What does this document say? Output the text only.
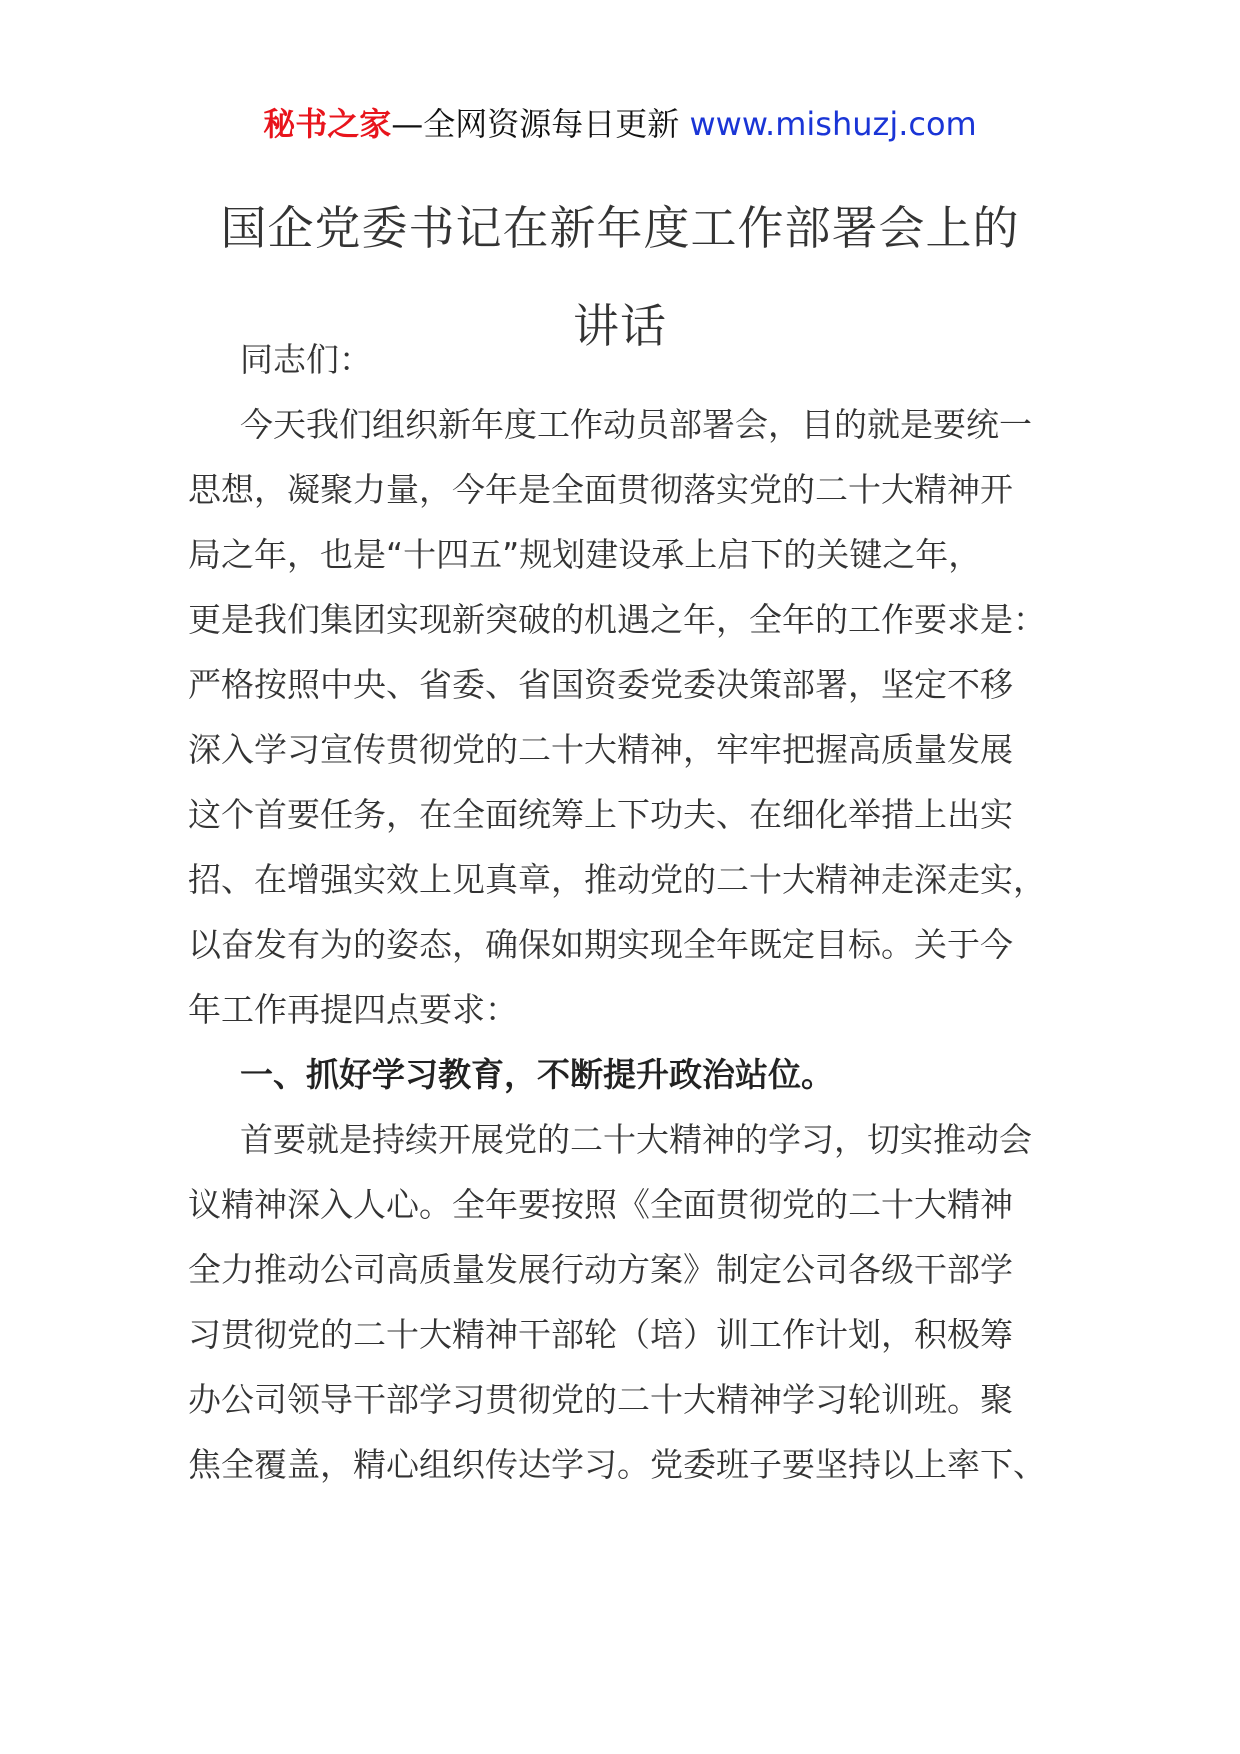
秘书之家—全网资源每日更新 www.mishuzj.com
国企党委书记在新年度工作部署会上的
讲话
同志们：
今天我们组织新年度工作动员部署会，目的就是要统一
思想，凝聚力量，今年是全面贯彻落实党的二十大精神开
局之年，也是“十四五”规划建设承上启下的关键之年，
更是我们集团实现新突破的机遇之年，全年的工作要求是：
严格按照中央、省委、省国资委党委决策部署，坚定不移
深入学习宣传贯彻党的二十大精神，牢牢把握高质量发展
这个首要任务，在全面统筹上下功夫、在细化举措上出实
招、在增强实效上见真章，推动党的二十大精神走深走实，
以奋发有为的姿态，确保如期实现全年既定目标。关于今
年工作再提四点要求：
一、抓好学习教育，不断提升政治站位。
首要就是持续开展党的二十大精神的学习，切实推动会
议精神深入人心。全年要按照《全面贯彻党的二十大精神
全力推动公司高质量发展行动方案》制定公司各级干部学
习贯彻党的二十大精神干部轮（培）训工作计划，积极筹
办公司领导干部学习贯彻党的二十大精神学习轮训班。聚
焦全覆盖，精心组织传达学习。党委班子要坚持以上率下、
